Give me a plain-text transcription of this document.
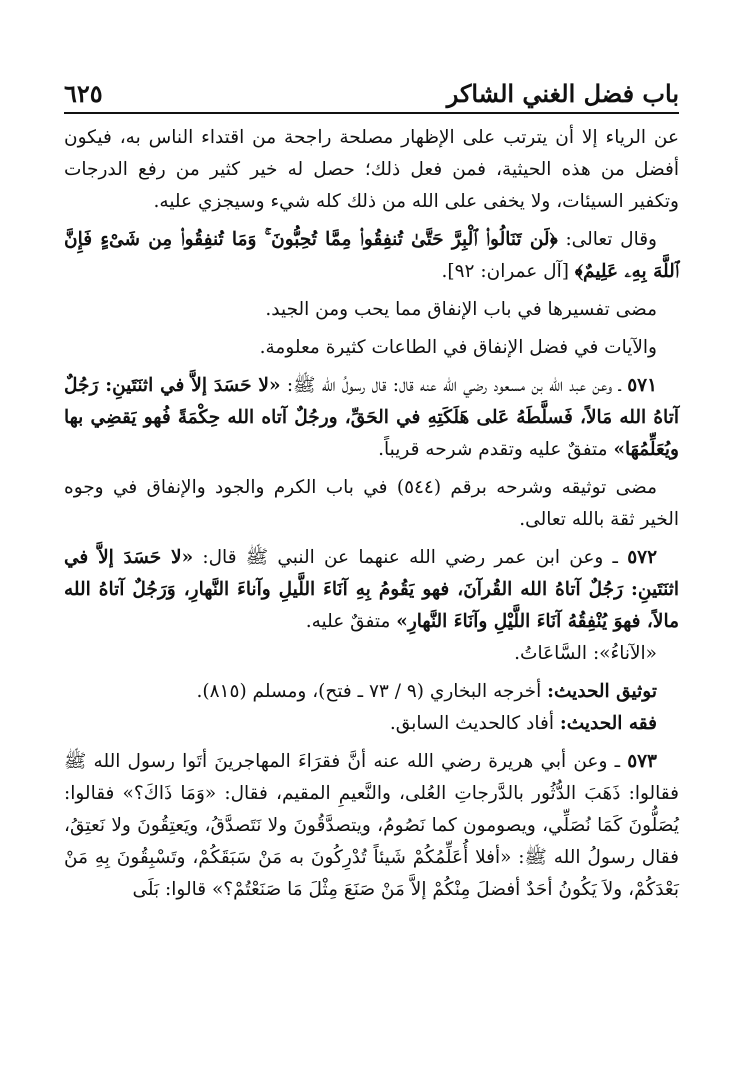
باب فضل الغني الشاكر
٦٢٥

عن الرياء إلا أن يترتب على الإظهار مصلحة راجحة من اقتداء الناس به، فيكون أفضل من هذه الحيثية، فمن فعل ذلك؛ حصل له خير كثير من رفع الدرجات وتكفير السيئات، ولا يخفى على الله من ذلك كله شيء وسيجزي عليه.

وقال تعالى: ﴿لَن تَنَالُوا۟ ٱلْبِرَّ حَتَّىٰ تُنفِقُوا۟ مِمَّا تُحِبُّونَ ۚ وَمَا تُنفِقُوا۟ مِن شَىْءٍ فَإِنَّ ٱللَّهَ بِهِۦ عَلِيمٌ﴾ [آل عمران: ٩٢].

مضى تفسيرها في باب الإنفاق مما يحب ومن الجيد.

والآيات في فضل الإنفاق في الطاعات كثيرة معلومة.

٥٧١ ـ وعن عبد الله بن مسعود رضي الله عنه قال: قال رسولُ الله ﷺ: «لا حَسَدَ إلاَّ في اثنَتَينِ: رَجُلٌ آتاهُ الله مَالاً، فَسلَّطَهُ عَلى هَلَكَتِهِ في الحَقِّ، ورجُلٌ آتاه الله حِكْمَةً فُهو يَقضِي بها ويُعَلِّمُهَا» متفقٌ عليه وتقدم شرحه قريباً.

مضى توثيقه وشرحه برقم (٥٤٤) في باب الكرم والجود والإنفاق في وجوه الخير ثقة بالله تعالى.

٥٧٢ ـ وعن ابن عمر رضي الله عنهما عن النبي ﷺ قال: «لا حَسَدَ إلاَّ في اثنَتَينِ: رَجُلٌ آتاهُ الله القُرآنَ، فهو يَقُومُ بِهِ آنَاءَ اللَّيلِ وآناءَ النَّهارِ، وَرَجُلٌ آتاهُ الله مالاً، فهوَ يُنْفِقُهُ آنَاءَ اللَّيْلِ وآنَاءَ النَّهارِ» متفقٌ عليه.

«الآناءُ»: السَّاعَاتُ.

توثيق الحديث: أخرجه البخاري (٩ / ٧٣ ـ فتح)، ومسلم (٨١٥).

فقه الحديث: أفاد كالحديث السابق.

٥٧٣ ـ وعن أبي هريرة رضي الله عنه أنَّ فقرَاءَ المهاجرينَ أتَوا رسول الله ﷺ فقالوا: ذَهَبَ الدُّثُور بالدَّرجاتِ العُلى، والنَّعيمِ المقيم، فقال: «وَمَا ذَاكَ؟» فقالوا: يُصَلُّونَ كَمَا نُصَلِّي، ويصومون كما نَصُومُ، ويتصدَّقُونَ ولا نَتَصدَّقُ، ويَعتِقُونَ ولا نَعتِقُ، فقال رسولُ الله ﷺ: «أفلا أُعَلِّمُكُمْ شَيئاً تُدْرِكُونَ به مَنْ سَبَقَكُمْ، وتَسْبِقُونَ بِهِ مَنْ بَعْدَكُمْ، ولاَ يَكُونُ أحَدٌ أفضلَ مِنْكُمْ إلاَّ مَنْ صَنَعَ مِثْلَ مَا صَنَعْتُمْ؟» قالوا: بَلَى
